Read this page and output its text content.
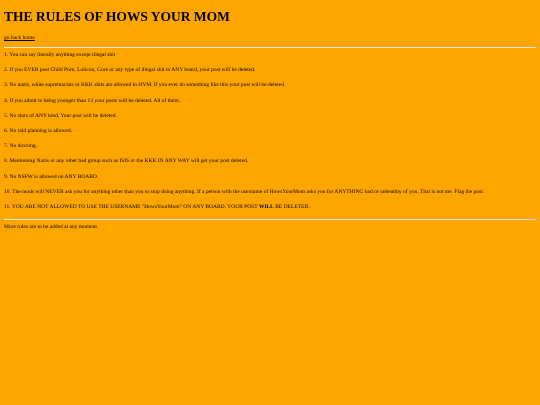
THE RULES OF HOWS YOUR MOM
go back home

1. You can say literally anything except illegal shit

2. If you EVER post Child Porn, Lolicon, Gore or any type of illegal shit to ANY board, your post will be deleted.

3. No nazis, white supremacists or KKK shits are allowed in HYM. If you ever do something like this your post will be deleted.

4. If you admit to being younger than 13 your posts will be deleted. All of them.

5. No slurs of ANY kind. Your post will be deleted.

6. No raid planning is allowed.

7. No doxxing.

8. Mentioning Nazis or any other bad group such as ISIS or the KKK IN ANY WAY will get your post deleted.

9. No NSFW is allowed on ANY BOARD.

10. The mods will NEVER ask you for anything other than you to stop doing anything. If a person with the username of HowsYourMom asks you for ANYTHING bad or unhealthy of you. That is not me. Flag the post.

11. YOU ARE NOT ALLOWED TO USE THE USERNAME "HowsYourMom" ON ANY BOARD. YOUR POST WILL BE DELETED.

More rules are to be added at any moment.
